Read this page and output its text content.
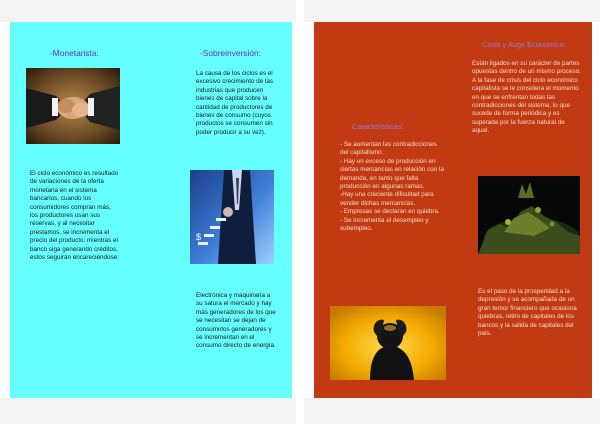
-Monetarista:
El ciclo económico es resultado de variaciones de la oferta monetaria en el sistema bancarios, cuando los consumidores compran más, los productores usan sus reservas, y al necesitar prestamos, se incrementa el precio del producto; mientras el banco siga generando créditos, estos seguirán encareciéndose:
-Sobreinversión:
La causa de los ciclos es el excesivo crecimiento de las industrias que producen bienes de capital sobre la cantidad de productores de bienes de consumo (cuyos productos se consumen sin poder producir a su vez).
$
Electrónica y maquinaria a su satura el mercado y hay más generadores de los que se necesitan se dejan de consumirlos generadores y se incrementan en el consumo directo de energía.
Crisis y Auge Económico:
Están ligados en su carácter de partes opuestas dentro de un mismo proceso. A la fase de crisis del ciclo económico capitalista se le considera el momento en que se enfrentan todas las contradicciones del sistema, lo que sucede de forma periódica y es superada por la fuerza natural de aquel.
Características:
- Se aumentan las contradicciones del capitalismo.
- Hay un exceso de producción en ciertas mercancías en relación con la demanda, en tanto que falta producción en algunas ramas.
-Hay una creciente dificultad para vender dichas mercancías.
- Empresas se declaran en quiebra.
- Se incrementa el desempleo y subempleo.
Es el paso de la prosperidad a la depresión y se acompañada de un gran temor financiero que ocasiona quiebras, retiro de capitales de los bancos y la salida de capitales del país.
